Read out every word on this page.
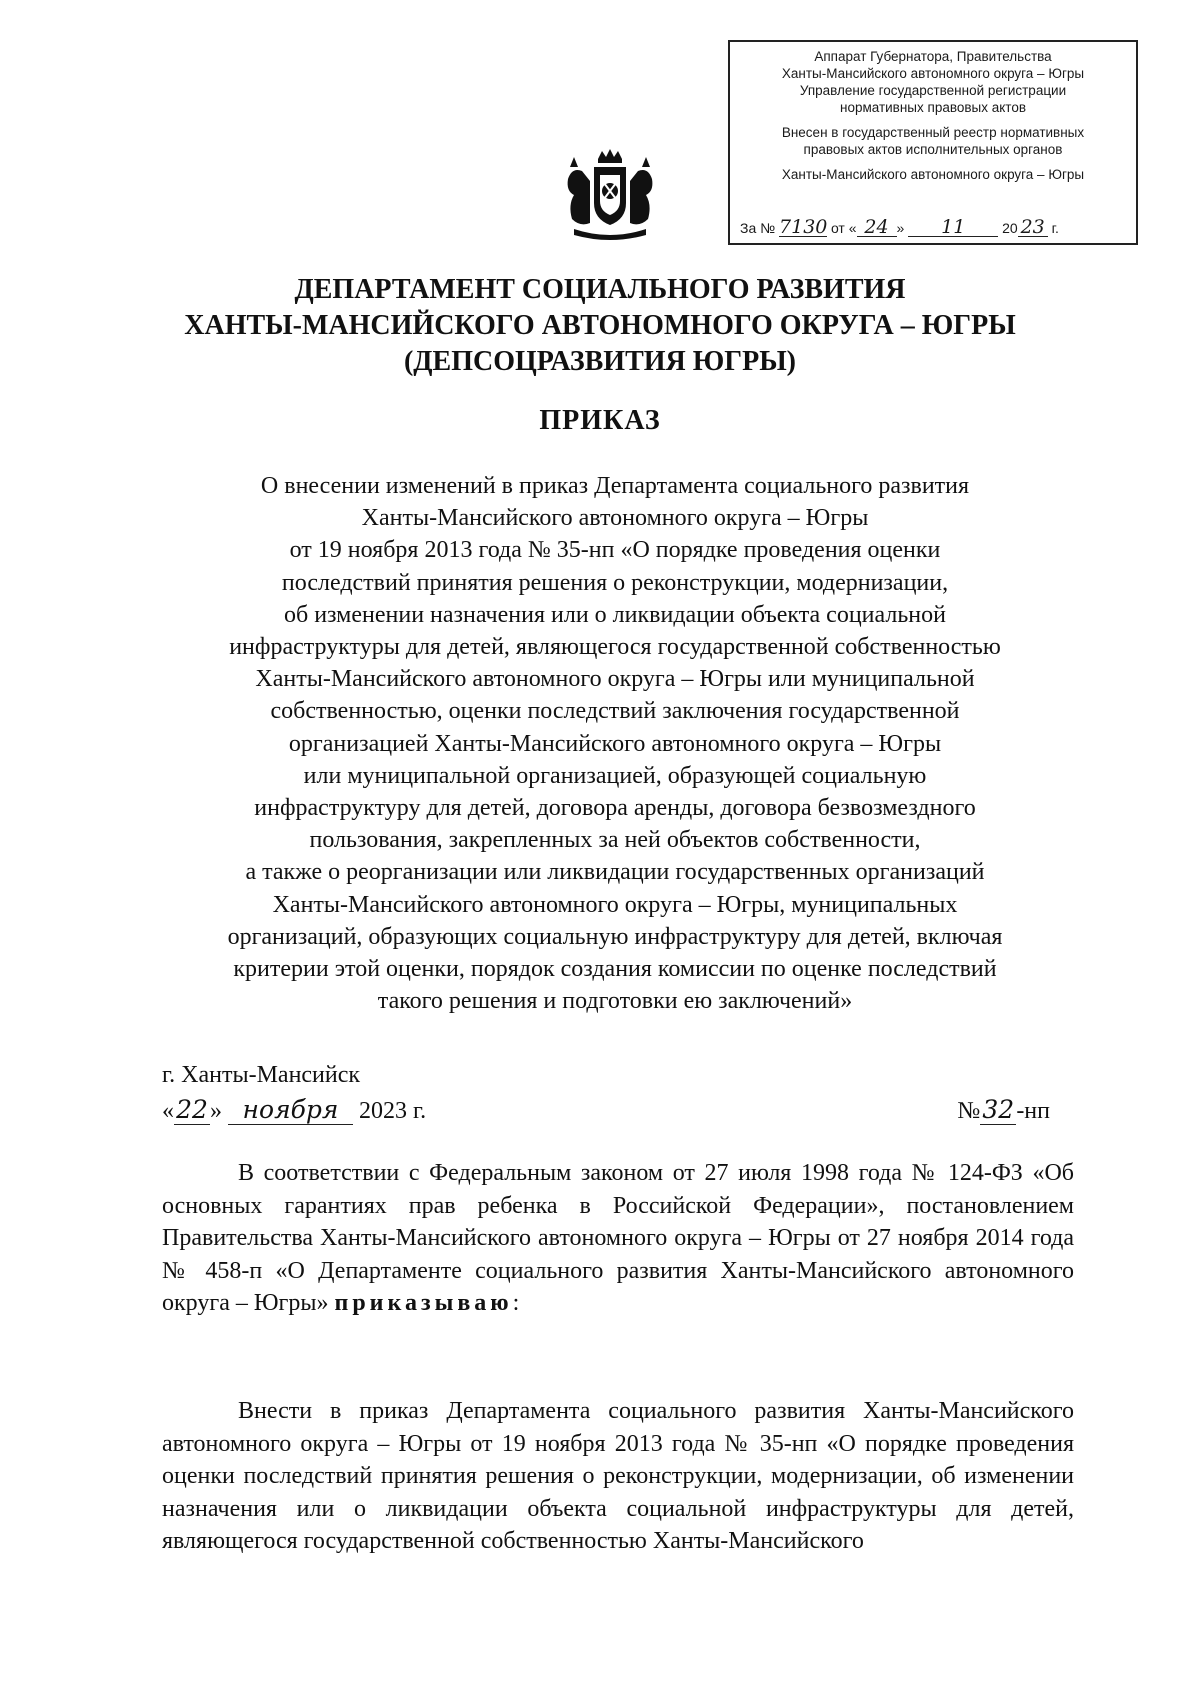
Аппарат Губернатора, Правительства
Ханты-Мансийского автономного округа – Югры
Управление государственной регистрации
нормативных правовых актов
Внесен в государственный реестр нормативных
правовых актов исполнительных органов
Ханты-Мансийского автономного округа – Югры
За № 7130 от « 24 » 11	20 23 г.
ДЕПАРТАМЕНТ СОЦИАЛЬНОГО РАЗВИТИЯ
ХАНТЫ-МАНСИЙСКОГО АВТОНОМНОГО ОКРУГА – ЮГРЫ
(ДЕПСОЦРАЗВИТИЯ ЮГРЫ)
ПРИКАЗ
О внесении изменений в приказ Департамента социального развития
Ханты-Мансийского автономного округа – Югры
от 19 ноября 2013 года № 35-нп «О порядке проведения оценки
последствий принятия решения о реконструкции, модернизации,
об изменении назначения или о ликвидации объекта социальной
инфраструктуры для детей, являющегося государственной собственностью
Ханты-Мансийского автономного округа – Югры или муниципальной
собственностью, оценки последствий заключения государственной
организацией Ханты-Мансийского автономного округа – Югры
или муниципальной организацией, образующей социальную
инфраструктуру для детей, договора аренды, договора безвозмездного
пользования, закрепленных за ней объектов собственности,
а также о реорганизации или ликвидации государственных организаций
Ханты-Мансийского автономного округа – Югры, муниципальных
организаций, образующих социальную инфраструктуру для детей, включая
критерии этой оценки, порядок создания комиссии по оценке последствий
такого решения и подготовки ею заключений»
г. Ханты-Мансийск
«22» ноября 2023 г.	№32-нп
В соответствии с Федеральным законом от 27 июля 1998 года № 124-ФЗ «Об основных гарантиях прав ребенка в Российской Федерации», постановлением Правительства Ханты-Мансийского автономного округа – Югры от 27 ноября 2014 года № 458-п «О Департаменте социального развития Ханты-Мансийского автономного округа – Югры» приказываю:
Внести в приказ Департамента социального развития Ханты-Мансийского автономного округа – Югры от 19 ноября 2013 года № 35-нп «О порядке проведения оценки последствий принятия решения о реконструкции, модернизации, об изменении назначения или о ликвидации объекта социальной инфраструктуры для детей, являющегося государственной собственностью Ханты-Мансийского
